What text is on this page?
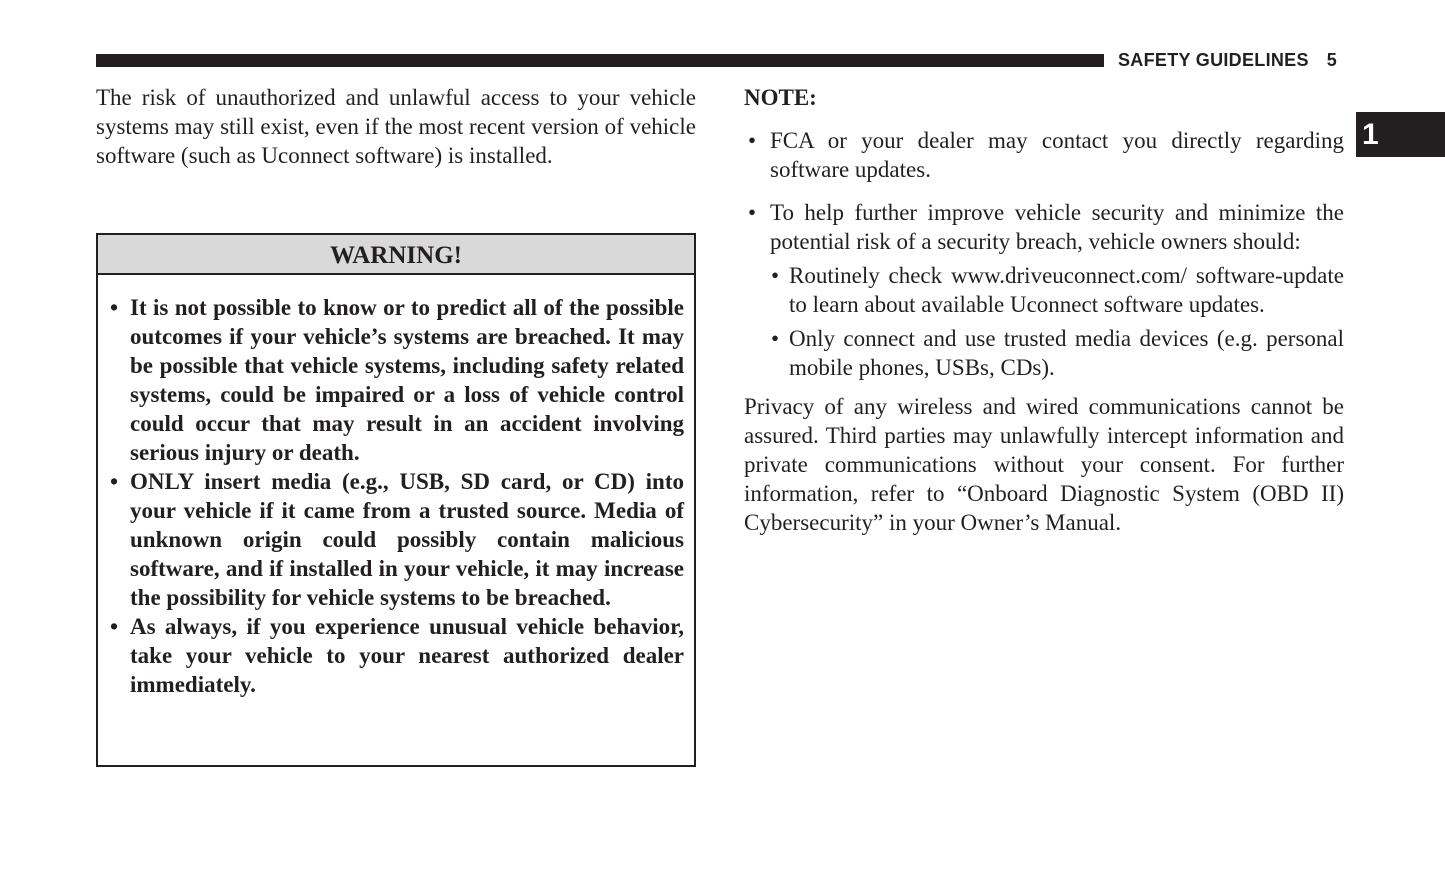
SAFETY GUIDELINES 5
1

The risk of unauthorized and unlawful access to your vehicle systems may still exist, even if the most recent version of vehicle software (such as Uconnect software) is installed.

WARNING!
• It is not possible to know or to predict all of the possible outcomes if your vehicle’s systems are breached. It may be possible that vehicle systems, including safety related systems, could be impaired or a loss of vehicle control could occur that may result in an accident involving serious injury or death.
• ONLY insert media (e.g., USB, SD card, or CD) into your vehicle if it came from a trusted source. Media of unknown origin could possibly contain malicious software, and if installed in your vehicle, it may increase the possibility for vehicle systems to be breached.
• As always, if you experience unusual vehicle behavior, take your vehicle to your nearest authorized dealer immediately.

NOTE:

• FCA or your dealer may contact you directly regarding software updates.
• To help further improve vehicle security and minimize the potential risk of a security breach, vehicle owners should:
• Routinely check www.driveuconnect.com/ software-update to learn about available Uconnect software updates.
• Only connect and use trusted media devices (e.g. personal mobile phones, USBs, CDs).

Privacy of any wireless and wired communications cannot be assured. Third parties may unlawfully intercept information and private communications without your consent. For further information, refer to “Onboard Diagnostic System (OBD II) Cybersecurity” in your Owner’s Manual.
